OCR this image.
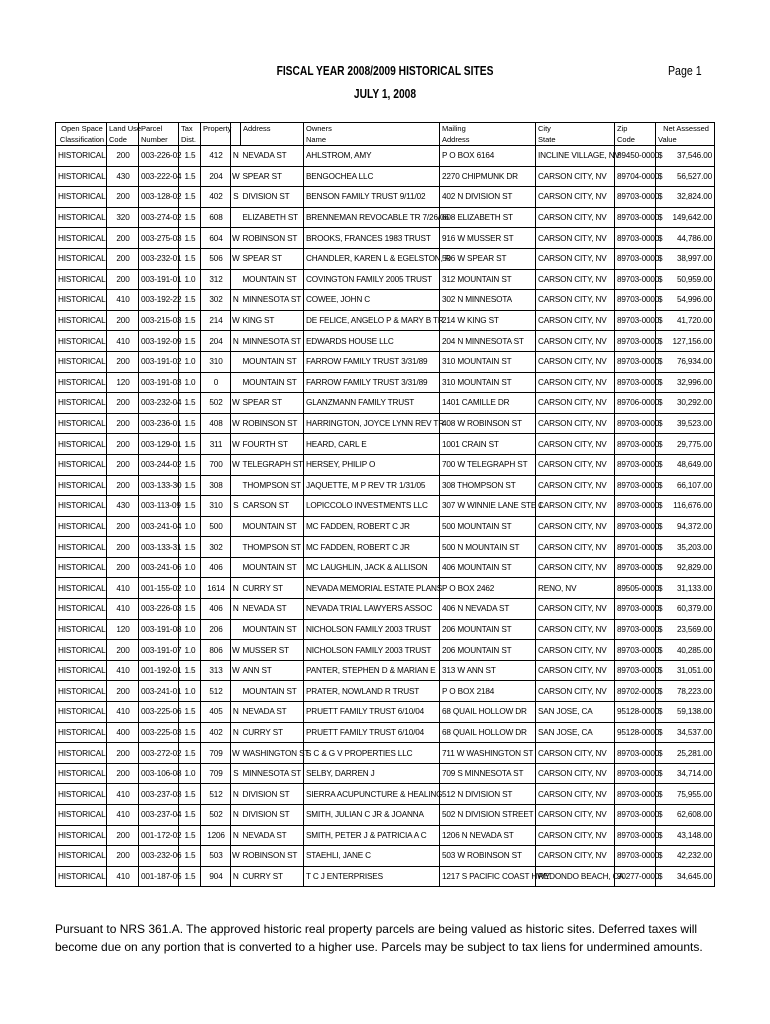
FISCAL YEAR 2008/2009 HISTORICAL SITES
JULY 1, 2008
Page 1
Open Space	Land Use	Parcel	Tax	Property		Address	Owners	Mailing	City	Zip	Net Assessed	
Classification	Code	Number	Dist.				Name	Address	State	Code	Value	
HISTORICAL	200	003-226-02	1.5	412	N	NEVADA ST	AHLSTROM, AMY	P O BOX 6164	INCLINE VILLAGE, NV	89450-0000	$	37,546.00
HISTORICAL	430	003-222-04	1.5	204	W	SPEAR ST	BENGOCHEA LLC	2270 CHIPMUNK DR	CARSON CITY, NV	89704-0000	$	56,527.00
HISTORICAL	200	003-128-02	1.5	402	S	DIVISION ST	BENSON FAMILY TRUST 9/11/02	402 N DIVISION ST	CARSON CITY, NV	89703-0000	$	32,824.00
HISTORICAL	320	003-274-02	1.5	608		ELIZABETH ST	BRENNEMAN REVOCABLE TR 7/26/06	608 ELIZABETH ST	CARSON CITY, NV	89703-0000	$	149,642.00
HISTORICAL	200	003-275-03	1.5	604	W	ROBINSON ST	BROOKS, FRANCES 1983 TRUST	916 W MUSSER ST	CARSON CITY, NV	89703-0000	$	44,786.00
HISTORICAL	200	003-232-01	1.5	506	W	SPEAR ST	CHANDLER, KAREN L & EGELSTON, R	506 W SPEAR ST	CARSON CITY, NV	89703-0000	$	38,997.00
HISTORICAL	200	003-191-01	1.0	312		MOUNTAIN ST	COVINGTON FAMILY 2005 TRUST	312 MOUNTAIN ST	CARSON CITY, NV	89703-0000	$	50,959.00
HISTORICAL	410	003-192-22	1.5	302	N	MINNESOTA ST	COWEE, JOHN C	302 N MINNESOTA	CARSON CITY, NV	89703-0000	$	54,996.00
HISTORICAL	200	003-215-03	1.5	214	W	KING ST	DE FELICE, ANGELO P & MARY B TR	214 W KING ST	CARSON CITY, NV	89703-0000	$	41,720.00
HISTORICAL	410	003-192-09	1.5	204	N	MINNESOTA ST	EDWARDS HOUSE LLC	204 N MINNESOTA ST	CARSON CITY, NV	89703-0000	$	127,156.00
HISTORICAL	200	003-191-02	1.0	310		MOUNTAIN ST	FARROW FAMILY TRUST 3/31/89	310 MOUNTAIN ST	CARSON CITY, NV	89703-0000	$	76,934.00
HISTORICAL	120	003-191-03	1.0	0		MOUNTAIN ST	FARROW FAMILY TRUST 3/31/89	310 MOUNTAIN ST	CARSON CITY, NV	89703-0000	$	32,996.00
HISTORICAL	200	003-232-04	1.5	502	W	SPEAR ST	GLANZMANN FAMILY TRUST	1401 CAMILLE DR	CARSON CITY, NV	89706-0000	$	30,292.00
HISTORICAL	200	003-236-01	1.5	408	W	ROBINSON ST	HARRINGTON, JOYCE LYNN REV TR	408 W ROBINSON ST	CARSON CITY, NV	89703-0000	$	39,523.00
HISTORICAL	200	003-129-01	1.5	311	W	FOURTH ST	HEARD, CARL E	1001 CRAIN ST	CARSON CITY, NV	89703-0000	$	29,775.00
HISTORICAL	200	003-244-02	1.5	700	W	TELEGRAPH ST	HERSEY, PHILIP O	700 W TELEGRAPH ST	CARSON CITY, NV	89703-0000	$	48,649.00
HISTORICAL	200	003-133-30	1.5	308		THOMPSON ST	JAQUETTE, M P REV TR 1/31/05	308 THOMPSON ST	CARSON CITY, NV	89703-0000	$	66,107.00
HISTORICAL	430	003-113-09	1.5	310	S	CARSON ST	LOPICCOLO INVESTMENTS LLC	307 W WINNIE LANE STE 1	CARSON CITY, NV	89703-0000	$	116,676.00
HISTORICAL	200	003-241-04	1.0	500		MOUNTAIN ST	MC FADDEN, ROBERT C JR	500 MOUNTAIN ST	CARSON CITY, NV	89703-0000	$	94,372.00
HISTORICAL	200	003-133-31	1.5	302		THOMPSON ST	MC FADDEN, ROBERT C JR	500 N MOUNTAIN ST	CARSON CITY, NV	89701-0000	$	35,203.00
HISTORICAL	200	003-241-06	1.0	406		MOUNTAIN ST	MC LAUGHLIN, JACK & ALLISON	406 MOUNTAIN ST	CARSON CITY, NV	89703-0000	$	92,829.00
HISTORICAL	410	001-155-02	1.0	1614	N	CURRY ST	NEVADA MEMORIAL ESTATE PLANS	P O BOX 2462	RENO, NV	89505-0000	$	31,133.00
HISTORICAL	410	003-226-03	1.5	406	N	NEVADA ST	NEVADA TRIAL LAWYERS ASSOC	406 N NEVADA ST	CARSON CITY, NV	89703-0000	$	60,379.00
HISTORICAL	120	003-191-08	1.0	206		MOUNTAIN ST	NICHOLSON FAMILY 2003 TRUST	206 MOUNTAIN ST	CARSON CITY, NV	89703-0000	$	23,569.00
HISTORICAL	200	003-191-07	1.0	806	W	MUSSER ST	NICHOLSON FAMILY 2003 TRUST	206 MOUNTAIN ST	CARSON CITY, NV	89703-0000	$	40,285.00
HISTORICAL	410	001-192-01	1.5	313	W	ANN ST	PANTER, STEPHEN D & MARIAN E	313 W ANN ST	CARSON CITY, NV	89703-0000	$	31,051.00
HISTORICAL	200	003-241-01	1.0	512		MOUNTAIN ST	PRATER, NOWLAND R TRUST	P O BOX 2184	CARSON CITY, NV	89702-0000	$	78,223.00
HISTORICAL	410	003-225-06	1.5	405	N	NEVADA ST	PRUETT FAMILY TRUST 6/10/04	68 QUAIL HOLLOW DR	SAN JOSE, CA	95128-0000	$	59,138.00
HISTORICAL	400	003-225-03	1.5	402	N	CURRY ST	PRUETT FAMILY TRUST 6/10/04	68 QUAIL HOLLOW DR	SAN JOSE, CA	95128-0000	$	34,537.00
HISTORICAL	200	003-272-02	1.5	709	W	WASHINGTON ST	S C & G V PROPERTIES LLC	711 W WASHINGTON ST	CARSON CITY, NV	89703-0000	$	25,281.00
HISTORICAL	200	003-106-08	1.0	709	S	MINNESOTA ST	SELBY, DARREN J	709 S MINNESOTA ST	CARSON CITY, NV	89703-0000	$	34,714.00
HISTORICAL	410	003-237-03	1.5	512	N	DIVISION ST	SIERRA ACUPUNCTURE & HEALING	512 N DIVISION ST	CARSON CITY, NV	89703-0000	$	75,955.00
HISTORICAL	410	003-237-04	1.5	502	N	DIVISION ST	SMITH, JULIAN C JR & JOANNA	502 N DIVISION STREET	CARSON CITY, NV	89703-0000	$	62,608.00
HISTORICAL	200	001-172-02	1.5	1206	N	NEVADA ST	SMITH, PETER J & PATRICIA A C	1206 N NEVADA ST	CARSON CITY, NV	89703-0000	$	43,148.00
HISTORICAL	200	003-232-06	1.5	503	W	ROBINSON ST	STAEHLI, JANE C	503 W ROBINSON ST	CARSON CITY, NV	89703-0000	$	42,232.00
HISTORICAL	410	001-187-05	1.5	904	N	CURRY ST	T C J ENTERPRISES	1217 S PACIFIC COAST HWY	REDONDO BEACH, CA	90277-0000	$	34,645.00
Pursuant to NRS 361.A. The approved historic real property parcels are being valued as historic sites. Deferred taxes will become due on any portion that is converted to a higher use. Parcels may be subject to tax liens for undermined amounts.
